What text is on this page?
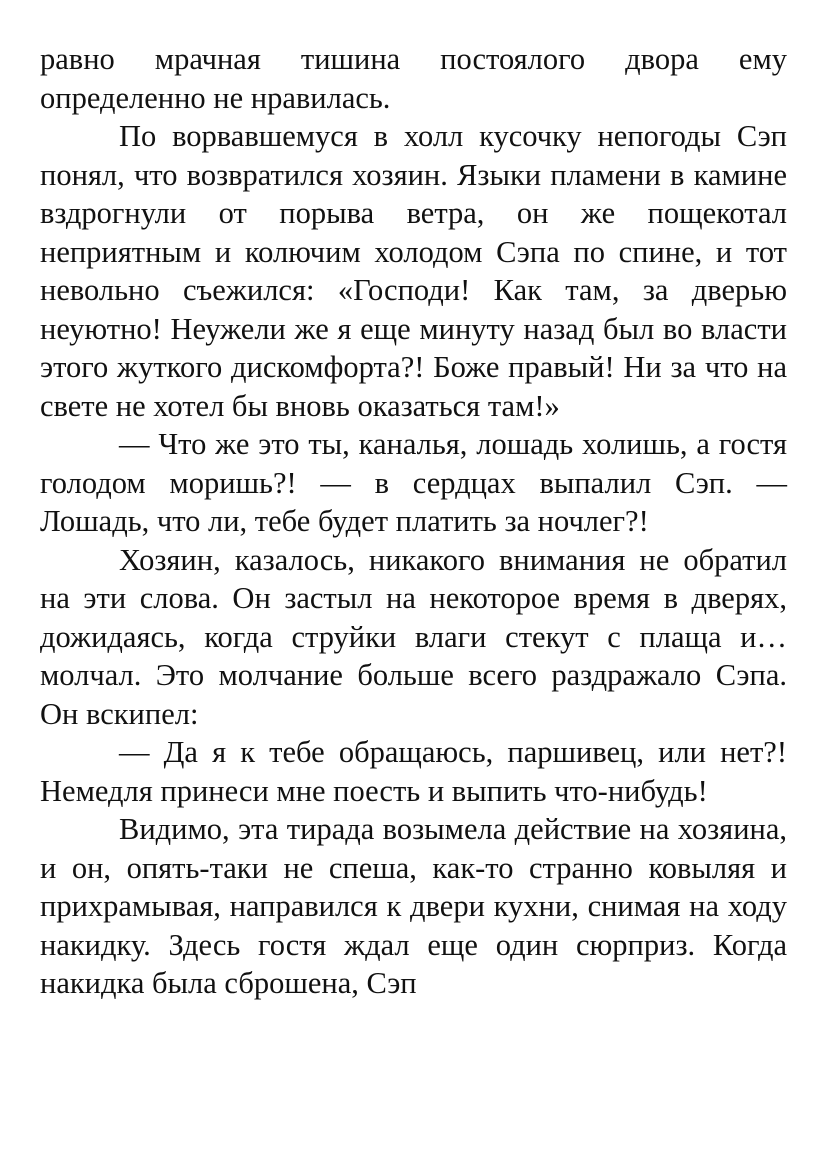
равно мрачная тишина постоялого двора ему определенно не нравилась.

По ворвавшемуся в холл кусочку непогоды Сэп понял, что возвратился хозяин. Языки пламени в камине вздрогнули от порыва ветра, он же пощекотал неприятным и колючим холодом Сэпа по спине, и тот невольно съежился: «Господи! Как там, за дверью неуютно! Неужели же я еще минуту назад был во власти этого жуткого дискомфорта?! Боже правый! Ни за что на свете не хотел бы вновь оказаться там!»

— Что же это ты, каналья, лошадь холишь, а гостя голодом моришь?! — в сердцах выпалил Сэп. — Лошадь, что ли, тебе будет платить за ночлег?!

Хозяин, казалось, никакого внимания не обратил на эти слова. Он застыл на некоторое время в дверях, дожидаясь, когда струйки влаги стекут с плаща и… молчал. Это молчание больше всего раздражало Сэпа. Он вскипел:

— Да я к тебе обращаюсь, паршивец, или нет?! Немедля принеси мне поесть и выпить что-нибудь!

Видимо, эта тирада возымела действие на хозяина, и он, опять-таки не спеша, как-то странно ковыляя и прихрамывая, направился к двери кухни, снимая на ходу накидку. Здесь гостя ждал еще один сюрприз. Когда накидка была сброшена, Сэп
